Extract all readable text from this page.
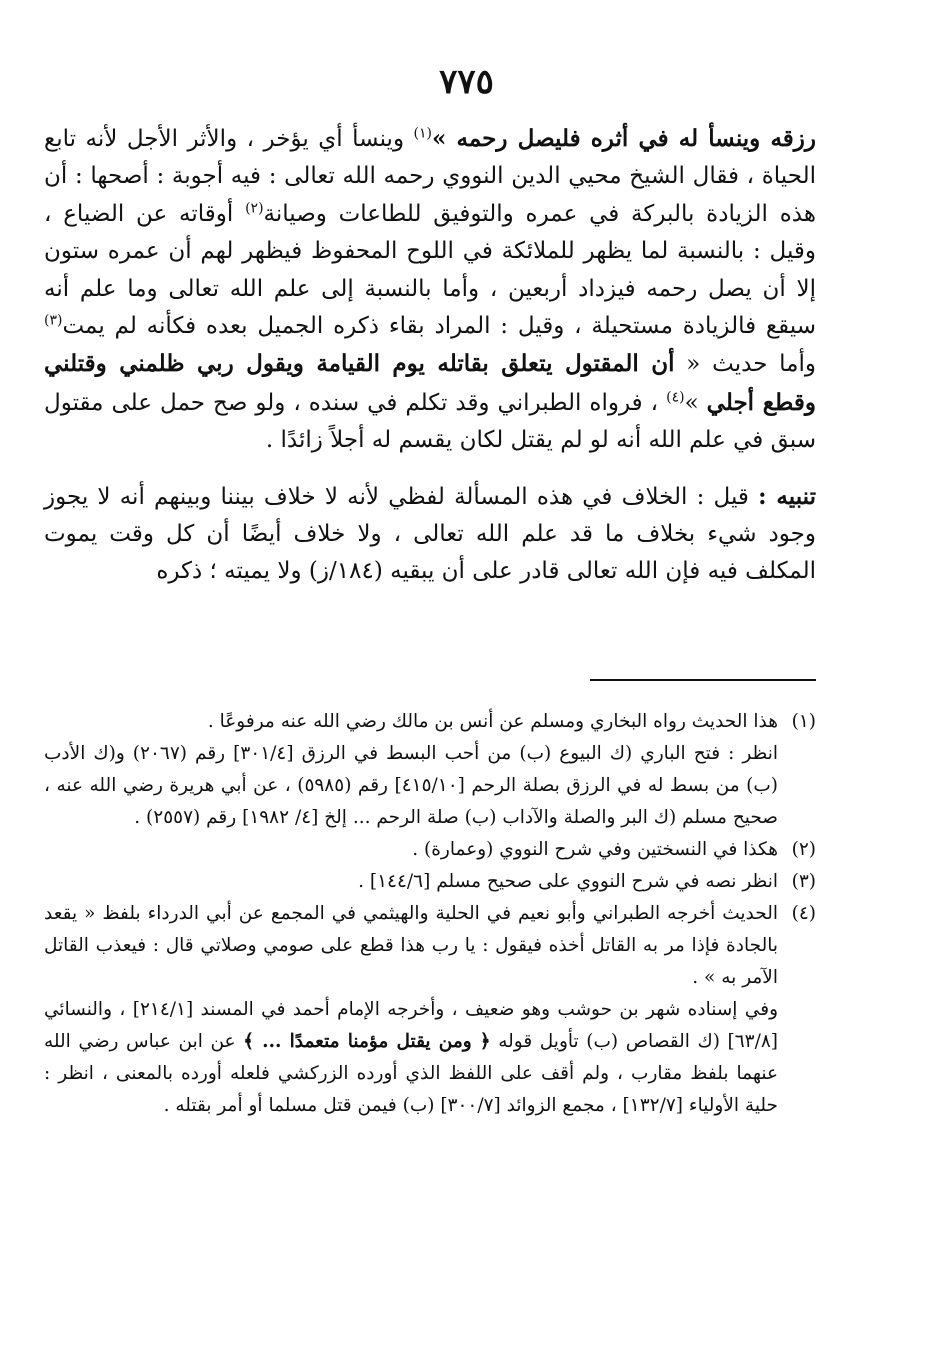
٧٧٥

رزقه وينسأ له في أثره فليصل رحمه »$^{(١)}$ وينسأ أي يؤخر ، والأثر الأجل لأنه تابع الحياة ، فقال الشيخ محيي الدين النووي رحمه الله تعالى : فيه أجوبة : أصحها : أن هذه الزيادة بالبركة في عمره والتوفيق للطاعات وصيانة$^{(٢)}$ أوقاته عن الضياع ، وقيل : بالنسبة لما يظهر للملائكة في اللوح المحفوظ فيظهر لهم أن عمره ستون إلا أن يصل رحمه فيزداد أربعين ، وأما بالنسبة إلى علم الله تعالى وما علم أنه سيقع فالزيادة مستحيلة ، وقيل : المراد بقاء ذكره الجميل بعده فكأنه لم يمت$^{(٣)}$ وأما حديث « أن المقتول يتعلق بقاتله يوم القيامة ويقول ربي ظلمني وقتلني وقطع أجلي »$^{(٤)}$ ، فرواه الطبراني وقد تكلم في سنده ، ولو صح حمل على مقتول سبق في علم الله أنه لو لم يقتل لكان يقسم له أجلاً زائدًا .

تنبيه : قيل : الخلاف في هذه المسألة لفظي لأنه لا خلاف بيننا وبينهم أنه لا يجوز وجود شيء بخلاف ما قد علم الله تعالى ، ولا خلاف أيضًا أن كل وقت يموت المكلف فيه فإن الله تعالى قادر على أن يبقيه (١٨٤/ز) ولا يميته ؛ ذكره

(١)
هذا الحديث رواه البخاري ومسلم عن أنس بن مالك رضي الله عنه مرفوعًا .
انظر : فتح الباري (ك البيوع (ب) من أحب البسط في الرزق [٣٠١/٤] رقم (٢٠٦٧) و(ك الأدب (ب) من بسط له في الرزق بصلة الرحم [٤١٥/١٠] رقم (٥٩٨٥) ، عن أبي هريرة رضي الله عنه ، صحيح مسلم (ك البر والصلة والآداب (ب) صلة الرحم ... إلخ [٤/ ١٩٨٢] رقم (٢٥٥٧) .
(٢)
هكذا في النسختين وفي شرح النووي (وعمارة) .
(٣)
انظر نصه في شرح النووي على صحيح مسلم [١٤٤/٦] .
(٤)
الحديث أخرجه الطبراني وأبو نعيم في الحلية والهيثمي في المجمع عن أبي الدرداء بلفظ « يقعد بالجادة فإذا مر به القاتل أخذه فيقول : يا رب هذا قطع على صومي وصلاتي قال : فيعذب القاتل الآمر به » .
وفي إسناده شهر بن حوشب وهو ضعيف ، وأخرجه الإمام أحمد في المسند [٢١٤/١] ، والنسائي [٦٣/٨] (ك القصاص (ب) تأويل قوله ﴿ ومن يقتل مؤمنا متعمدًا ... ﴾ عن ابن عباس رضي الله عنهما بلفظ مقارب ، ولم أقف على اللفظ الذي أورده الزركشي فلعله أورده بالمعنى ، انظر : حلية الأولياء [١٣٢/٧] ، مجمع الزوائد [٣٠٠/٧] (ب) فيمن قتل مسلما أو أمر بقتله .
